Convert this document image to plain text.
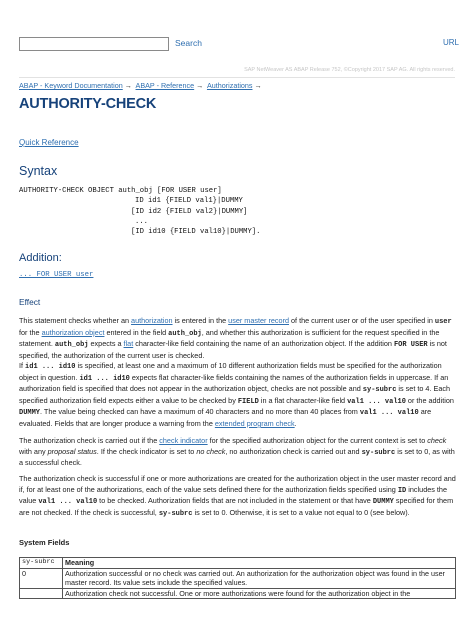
Search	URL
SAP NetWeaver AS ABAP Release 752, ©Copyright 2017 SAP AG. All rights reserved.
ABAP - Keyword Documentation → ABAP - Reference → Authorizations →
AUTHORITY-CHECK
Quick Reference
Syntax
AUTHORITY-CHECK OBJECT auth_obj [FOR USER user]
ID id1 {FIELD val1}|DUMMY
[ID id2 {FIELD val2}|DUMMY]
...
[ID id10 {FIELD val10}|DUMMY].
Addition:
... FOR USER user
Effect
This statement checks whether an authorization is entered in the user master record of the current user or of the user specified in user for the authorization object entered in the field auth_obj, and whether this authorization is sufficient for the request specified in the statement. auth_obj expects a flat character-like field containing the name of an authorization object. If the addition FOR USER is not specified, the authorization of the current user is checked.
If id1 ... id10 is specified, at least one and a maximum of 10 different authorization fields must be specified for the authorization object in question. id1 ... id10 expects flat character-like fields containing the names of the authorization fields in uppercase. If an authorization field is specified that does not appear in the authorization object, checks are not possible and sy-subrc is set to 4. Each specified authorization field expects either a value to be checked by FIELD in a flat character-like field val1 ... val10 or the addition DUMMY. The value being checked can have a maximum of 40 characters and no more than 40 places from val1 ... val10 are evaluated. Fields that are longer produce a warning from the extended program check.
The authorization check is carried out if the check indicator for the specified authorization object for the current context is set to check with any proposal status. If the check indicator is set to no check, no authorization check is carried out and sy-subrc is set to 0, as with a successful check.
The authorization check is successful if one or more authorizations are created for the authorization object in the user master record and if, for at least one of the authorizations, each of the value sets defined there for the authorization fields specified using ID includes the value val1 ... val10 to be checked. Authorization fields that are not included in the statement or that have DUMMY specified for them are not checked. If the check is successful, sy-subrc is set to 0. Otherwise, it is set to a value not equal to 0 (see below).
System Fields
sy-subrc	Meaning
0	Authorization successful or no check was carried out. An authorization for the authorization object was found in the user master record. Its value sets include the specified values.
	Authorization check not successful. One or more authorizations were found for the authorization object in the
